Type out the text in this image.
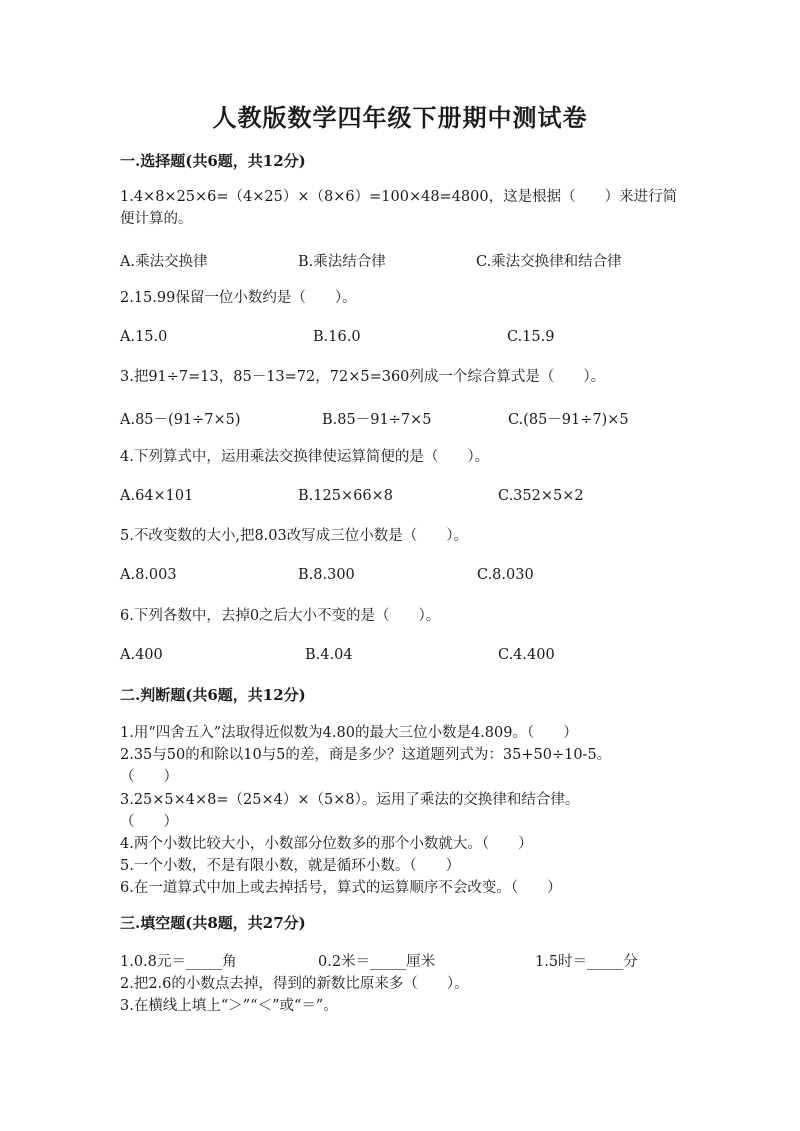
人教版数学四年级下册期中测试卷
一.选择题(共6题，共12分)
1.4×8×25×6=（4×25）×（8×6）=100×48=4800，这是根据（　　）来进行简便计算的。
A.乘法交换律	B.乘法结合律	C.乘法交换律和结合律
2.15.99保留一位小数约是（　　）。
A.15.0	B.16.0	C.15.9
3.把91÷7=13，85－13=72，72×5=360列成一个综合算式是（　　）。
A.85－(91÷7×5)	B.85－91÷7×5	C.(85－91÷7)×5
4.下列算式中，运用乘法交换律使运算简便的是（　　）。
A.64×101	B.125×66×8	C.352×5×2
5.不改变数的大小,把8.03改写成三位小数是（　　）。
A.8.003	B.8.300	C.8.030
6.下列各数中，去掉0之后大小不变的是（　　）。
A.400	B.4.04	C.4.400
二.判断题(共6题，共12分)
1.用“四舍五入”法取得近似数为4.80的最大三位小数是4.809。（　　）
2.35与50的和除以10与5的差，商是多少？这道题列式为：35+50÷10-5。
（　　）
3.25×5×4×8=（25×4）×（5×8）。运用了乘法的交换律和结合律。
（　　）
4.两个小数比较大小，小数部分位数多的那个小数就大。（　　）
5.一个小数，不是有限小数，就是循环小数。（　　）
6.在一道算式中加上或去掉括号，算式的运算顺序不会改变。（　　）
三.填空题(共8题，共27分)
1.0.8元＝_____角	0.2米＝_____厘米	1.5时＝_____分
2.把2.6的小数点去掉，得到的新数比原来多（　　）。
3.在横线上填上“＞”“＜”或“＝”。
